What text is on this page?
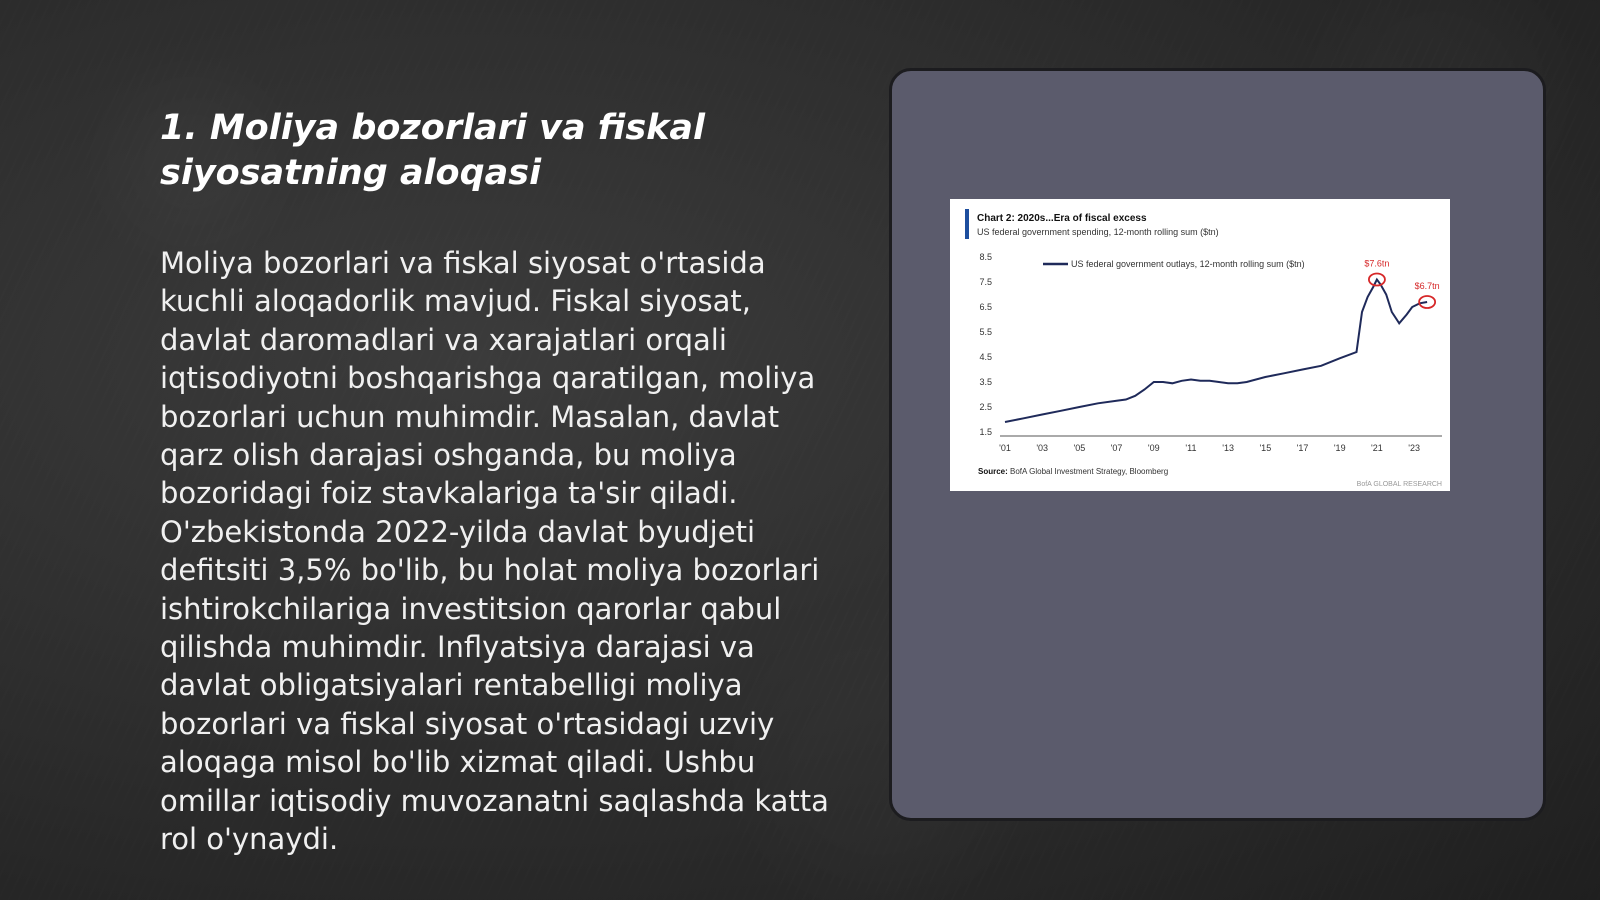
1. Moliya bozorlari va fiskal siyosatning aloqasi

Moliya bozorlari va fiskal siyosat o'rtasida kuchli aloqadorlik mavjud. Fiskal siyosat, davlat daromadlari va xarajatlari orqali iqtisodiyotni boshqarishga qaratilgan, moliya bozorlari uchun muhimdir. Masalan, davlat qarz olish darajasi oshganda, bu moliya bozoridagi foiz stavkalariga ta'sir qiladi. O'zbekistonda 2022-yilda davlat byudjeti defitsiti 3,5% bo'lib, bu holat moliya bozorlari ishtirokchilariga investitsion qarorlar qabul qilishda muhimdir. Inflyatsiya darajasi va davlat obligatsiyalari rentabelligi moliya bozorlari va fiskal siyosat o'rtasidagi uzviy aloqaga misol bo'lib xizmat qiladi. Ushbu omillar iqtisodiy muvozanatni saqlashda katta rol o'ynaydi.

Chart 2: 2020s...Era of fiscal excess
US federal government spending, 12-month rolling sum ($tn)
US federal government outlays, 12-month rolling sum ($tn)
8.5
7.5
6.5
5.5
4.5
3.5
2.5
1.5
'01	'03	'05	'07	'09	'11	'13	'15	'17	'19	'21	'23
$7.6tn
$6.7tn
Source: BofA Global Investment Strategy, Bloomberg
BofA GLOBAL RESEARCH
